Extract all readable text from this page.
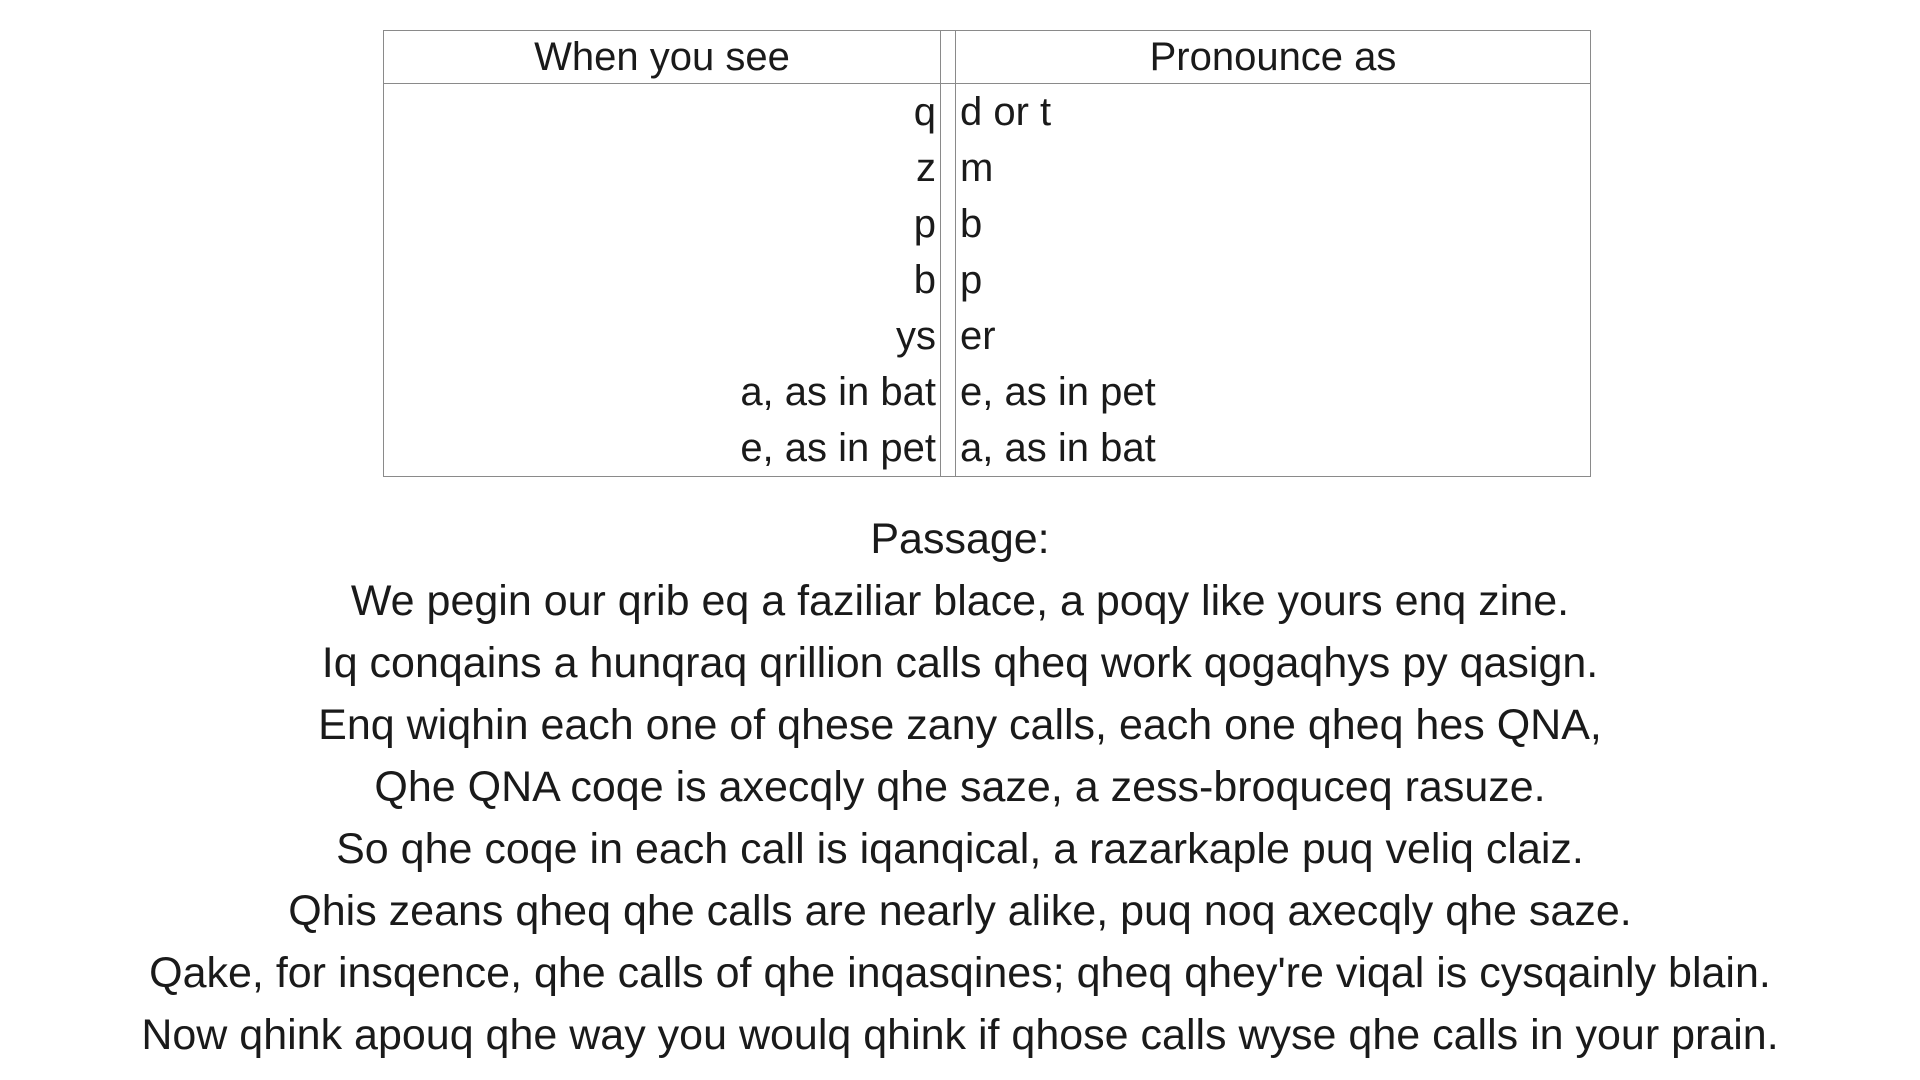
When you see		Pronounce as
q		d or t
z		m
p		b
b		p
ys		er
a, as in bat		e, as in pet
e, as in pet		a, as in bat
Passage:
We pegin our qrib eq a faziliar blace, a poqy like yours enq zine.
Iq conqains a hunqraq qrillion calls qheq work qogaqhys py qasign.
Enq wiqhin each one of qhese zany calls, each one qheq hes QNA,
Qhe QNA coqe is axecqly qhe saze, a zess-broquceq rasuze.
So qhe coqe in each call is iqanqical, a razarkaple puq veliq claiz.
Qhis zeans qheq qhe calls are nearly alike, puq noq axecqly qhe saze.
Qake, for insqence, qhe calls of qhe inqasqines; qheq qhey're viqal is cysqainly blain.
Now qhink apouq qhe way you woulq qhink if qhose calls wyse qhe calls in your prain.
